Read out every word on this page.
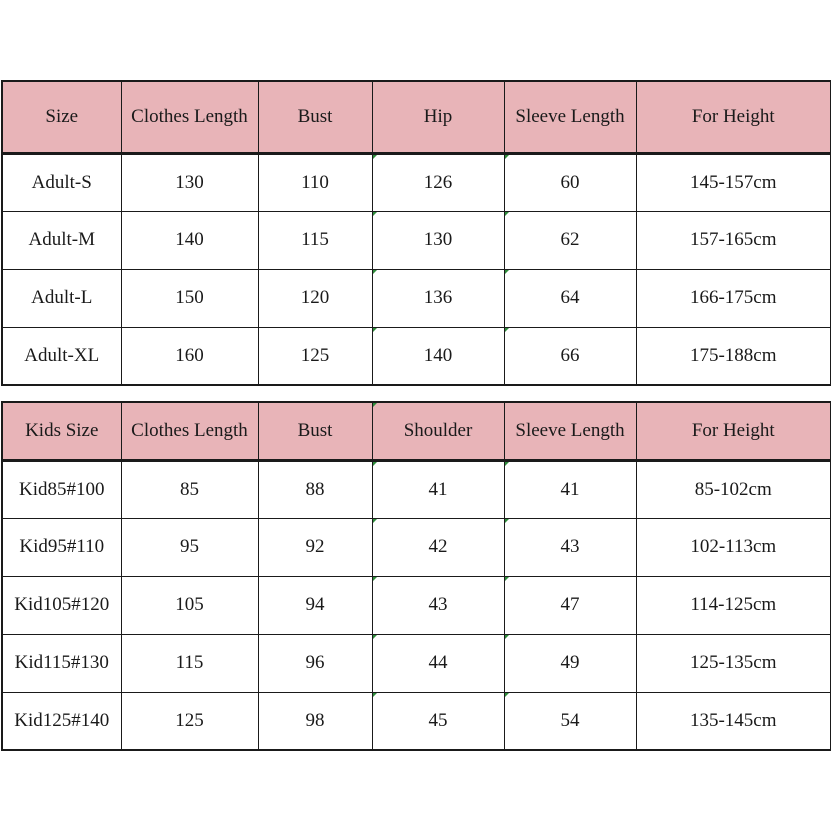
Size	Clothes Length	Bust	Hip	Sleeve Length	For Height
Adult-S	130	110	126	60	145-157cm
Adult-M	140	115	130	62	157-165cm
Adult-L	150	120	136	64	166-175cm
Adult-XL	160	125	140	66	175-188cm
Kids Size	Clothes Length	Bust	Shoulder	Sleeve Length	For Height
Kid85#100	85	88	41	41	85-102cm
Kid95#110	95	92	42	43	102-113cm
Kid105#120	105	94	43	47	114-125cm
Kid115#130	115	96	44	49	125-135cm
Kid125#140	125	98	45	54	135-145cm
